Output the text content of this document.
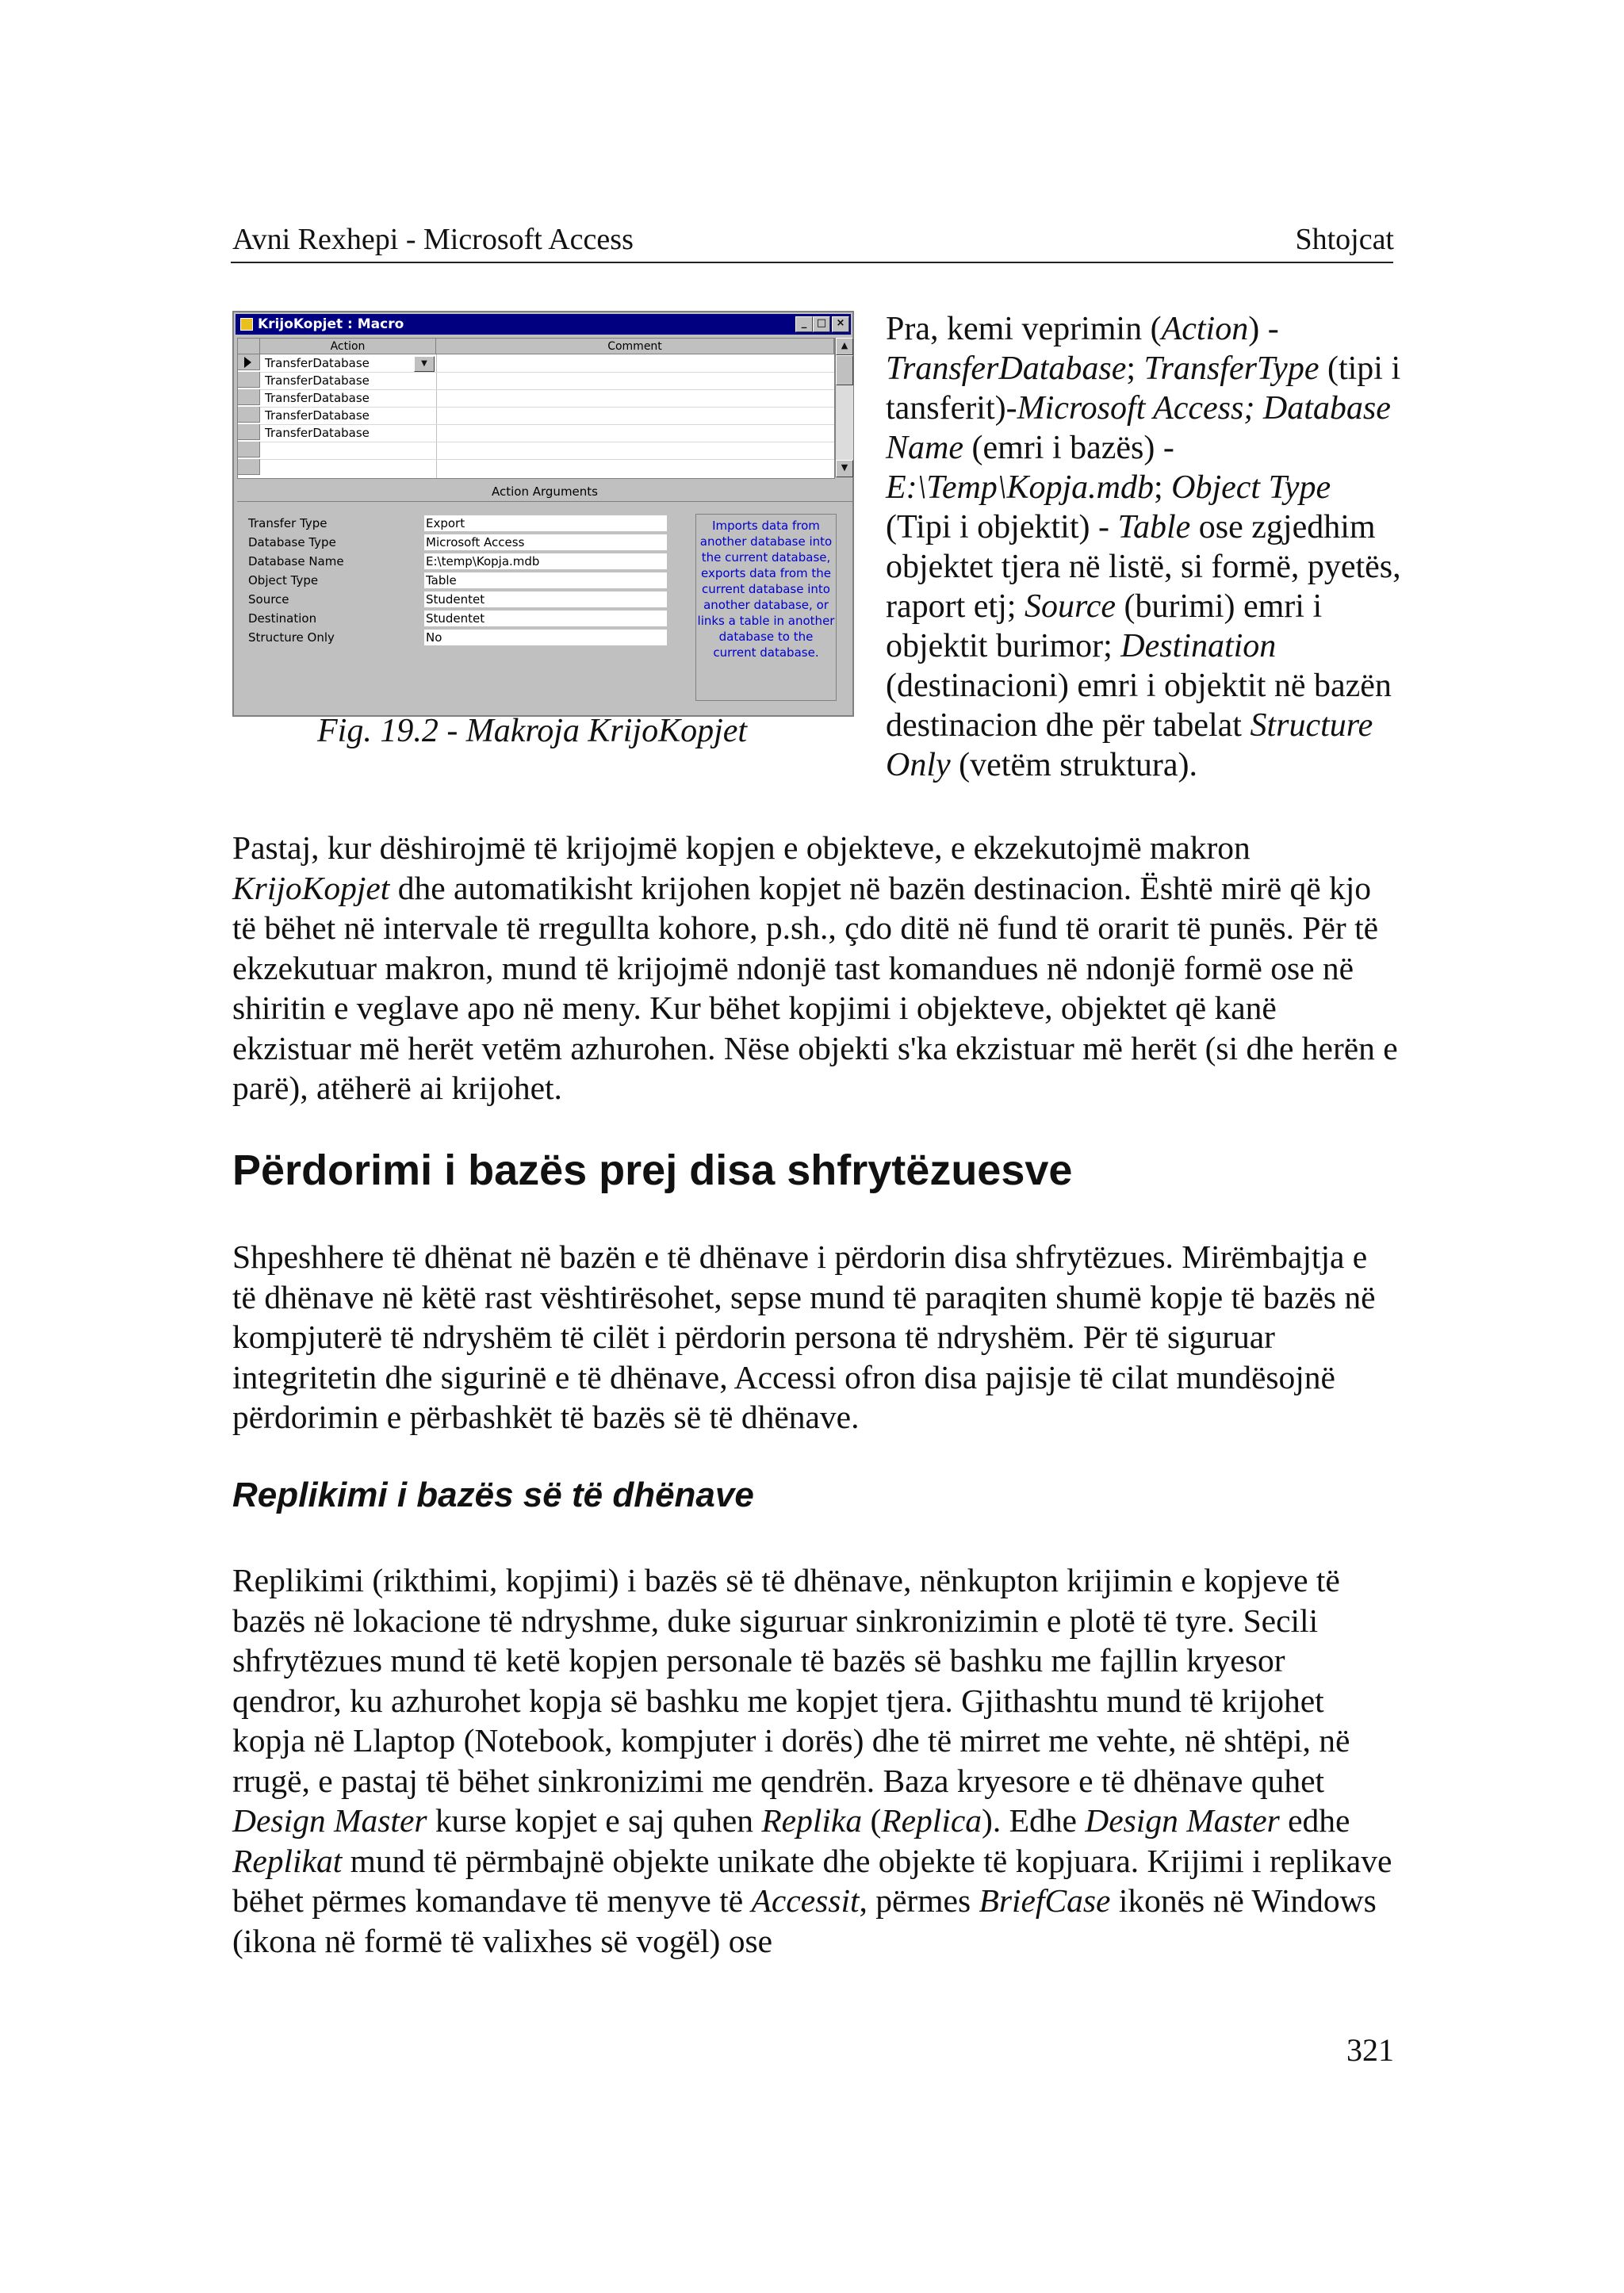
Avni Rexhepi - Microsoft Access	Shtojcat
KrijoKopjet : Macro	_ □ ×
Action	Comment
TransferDatabase	▼
TransferDatabase
TransferDatabase
TransferDatabase
TransferDatabase
▲
▼
Action Arguments
Transfer Type	Export
Database Type	Microsoft Access
Database Name	E:\temp\Kopja.mdb
Object Type	Table
Source	Studentet
Destination	Studentet
Structure Only	No
Imports data from another database into the current database, exports data from the current database into another database, or links a table in another database to the current database.
Fig. 19.2 - Makroja KrijoKopjet
Pra, kemi veprimin (Action) - TransferDatabase; TransferType (tipi i tansferit)-Microsoft Access; Database Name (emri i bazës) - E:\Temp\Kopja.mdb; Object Type (Tipi i objektit) - Table ose zgjedhim objektet tjera në listë, si formë, pyetës, raport etj; Source (burimi) emri i objektit burimor; Destination (destinacioni) emri i objektit në bazën destinacion dhe për tabelat Structure Only (vetëm struktura).
Pastaj, kur dëshirojmë të krijojmë kopjen e objekteve, e ekzekutojmë makron KrijoKopjet dhe automatikisht krijohen kopjet në bazën destinacion. Është mirë që kjo të bëhet në intervale të rregullta kohore, p.sh., çdo ditë në fund të orarit të punës. Për të ekzekutuar makron, mund të krijojmë ndonjë tast komandues në ndonjë formë ose në shiritin e veglave apo në meny. Kur bëhet kopjimi i objekteve, objektet që kanë ekzistuar më herët vetëm azhurohen. Nëse objekti s'ka ekzistuar më herët (si dhe herën e parë), atëherë ai krijohet.
Përdorimi i bazës prej disa shfrytëzuesve
Shpeshhere të dhënat në bazën e të dhënave i përdorin disa shfrytëzues. Mirëmbajtja e të dhënave në këtë rast vështirësohet, sepse mund të paraqiten shumë kopje të bazës në kompjuterë të ndryshëm të cilët i përdorin persona të ndryshëm. Për të siguruar integritetin dhe sigurinë e të dhënave, Accessi ofron disa pajisje të cilat mundësojnë përdorimin e përbashkët të bazës së të dhënave.
Replikimi i bazës së të dhënave
Replikimi (rikthimi, kopjimi) i bazës së të dhënave, nënkupton krijimin e kopjeve të bazës në lokacione të ndryshme, duke siguruar sinkronizimin e plotë të tyre. Secili shfrytëzues mund të ketë kopjen personale të bazës së bashku me fajllin kryesor qendror, ku azhurohet kopja së bashku me kopjet tjera. Gjithashtu mund të krijohet kopja në Llaptop (Notebook, kompjuter i dorës) dhe të mirret me vehte, në shtëpi, në rrugë, e pastaj të bëhet sinkronizimi me qendrën. Baza kryesore e të dhënave quhet Design Master kurse kopjet e saj quhen Replika (Replica). Edhe Design Master edhe Replikat mund të përmbajnë objekte unikate dhe objekte të kopjuara. Krijimi i replikave bëhet përmes komandave të menyve të Accessit, përmes BriefCase ikonës në Windows (ikona në formë të valixhes së vogël) ose
321
